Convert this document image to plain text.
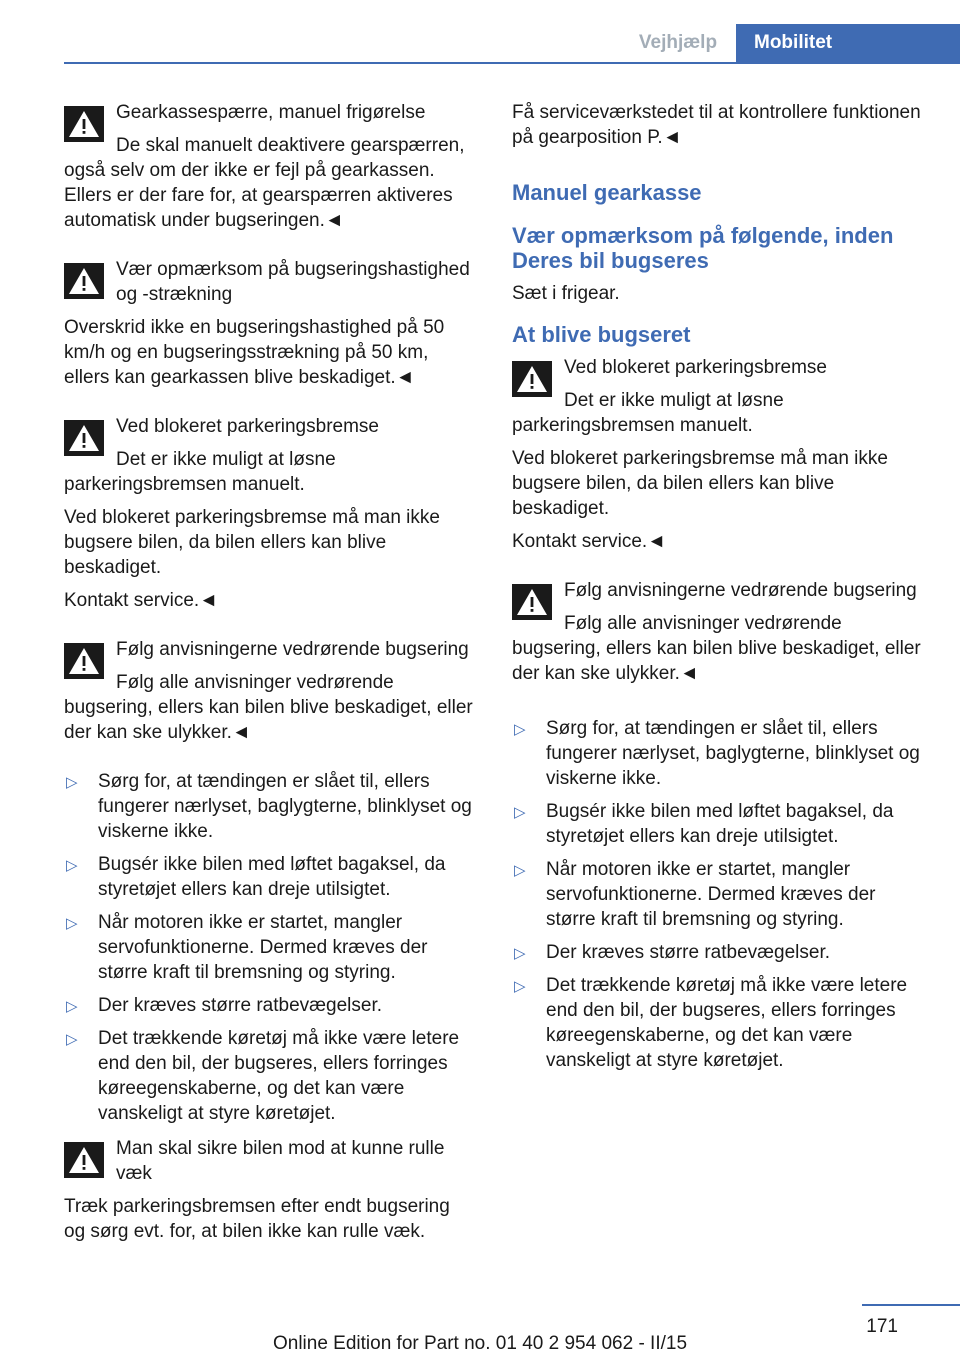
Vejhjælp	Mobilitet

Gearkassespærre, manuel frigørelse

De skal manuelt deaktivere gearspærren, også selv om der ikke er fejl på gearkassen. Ellers er der fare for, at gearspærren aktiveres automatisk under bugseringen.◄

Vær opmærksom på bugseringshastighed og -strækning

Overskrid ikke en bugseringshastighed på 50 km/h og en bugseringsstrækning på 50 km, ellers kan gearkassen blive beskadiget.◄

Ved blokeret parkeringsbremse

Det er ikke muligt at løsne parkeringsbremsen manuelt.

Ved blokeret parkeringsbremse må man ikke bugsere bilen, da bilen ellers kan blive beskadiget.

Kontakt service.◄

Følg anvisningerne vedrørende bugsering

Følg alle anvisninger vedrørende bugsering, ellers kan bilen blive beskadiget, eller der kan ske ulykker.◄

▷ Sørg for, at tændingen er slået til, ellers fungerer nærlyset, baglygterne, blinklyset og viskerne ikke.
▷ Bugsér ikke bilen med løftet bagaksel, da styretøjet ellers kan dreje utilsigtet.
▷ Når motoren ikke er startet, mangler servofunktionerne. Dermed kræves der større kraft til bremsning og styring.
▷ Der kræves større ratbevægelser.
▷ Det trækkende køretøj må ikke være letere end den bil, der bugseres, ellers forringes køreegenskaberne, og det kan være vanskeligt at styre køretøjet.

Man skal sikre bilen mod at kunne rulle væk

Træk parkeringsbremsen efter endt bugsering og sørg evt. for, at bilen ikke kan rulle væk.

Få serviceværkstedet til at kontrollere funktionen på gearposition P.◄

Manuel gearkasse
Vær opmærksom på følgende, inden Deres bil bugseres

Sæt i frigear.

At blive bugseret

Ved blokeret parkeringsbremse

Det er ikke muligt at løsne parkeringsbremsen manuelt.

Ved blokeret parkeringsbremse må man ikke bugsere bilen, da bilen ellers kan blive beskadiget.

Kontakt service.◄

Følg anvisningerne vedrørende bugsering

Følg alle anvisninger vedrørende bugsering, ellers kan bilen blive beskadiget, eller der kan ske ulykker.◄

▷ Sørg for, at tændingen er slået til, ellers fungerer nærlyset, baglygterne, blinklyset og viskerne ikke.
▷ Bugsér ikke bilen med løftet bagaksel, da styretøjet ellers kan dreje utilsigtet.
▷ Når motoren ikke er startet, mangler servofunktionerne. Dermed kræves der større kraft til bremsning og styring.
▷ Der kræves større ratbevægelser.
▷ Det trækkende køretøj må ikke være letere end den bil, der bugseres, ellers forringes køreegenskaberne, og det kan være vanskeligt at styre køretøjet.
171
Online Edition for Part no. 01 40 2 954 062 - II/15
